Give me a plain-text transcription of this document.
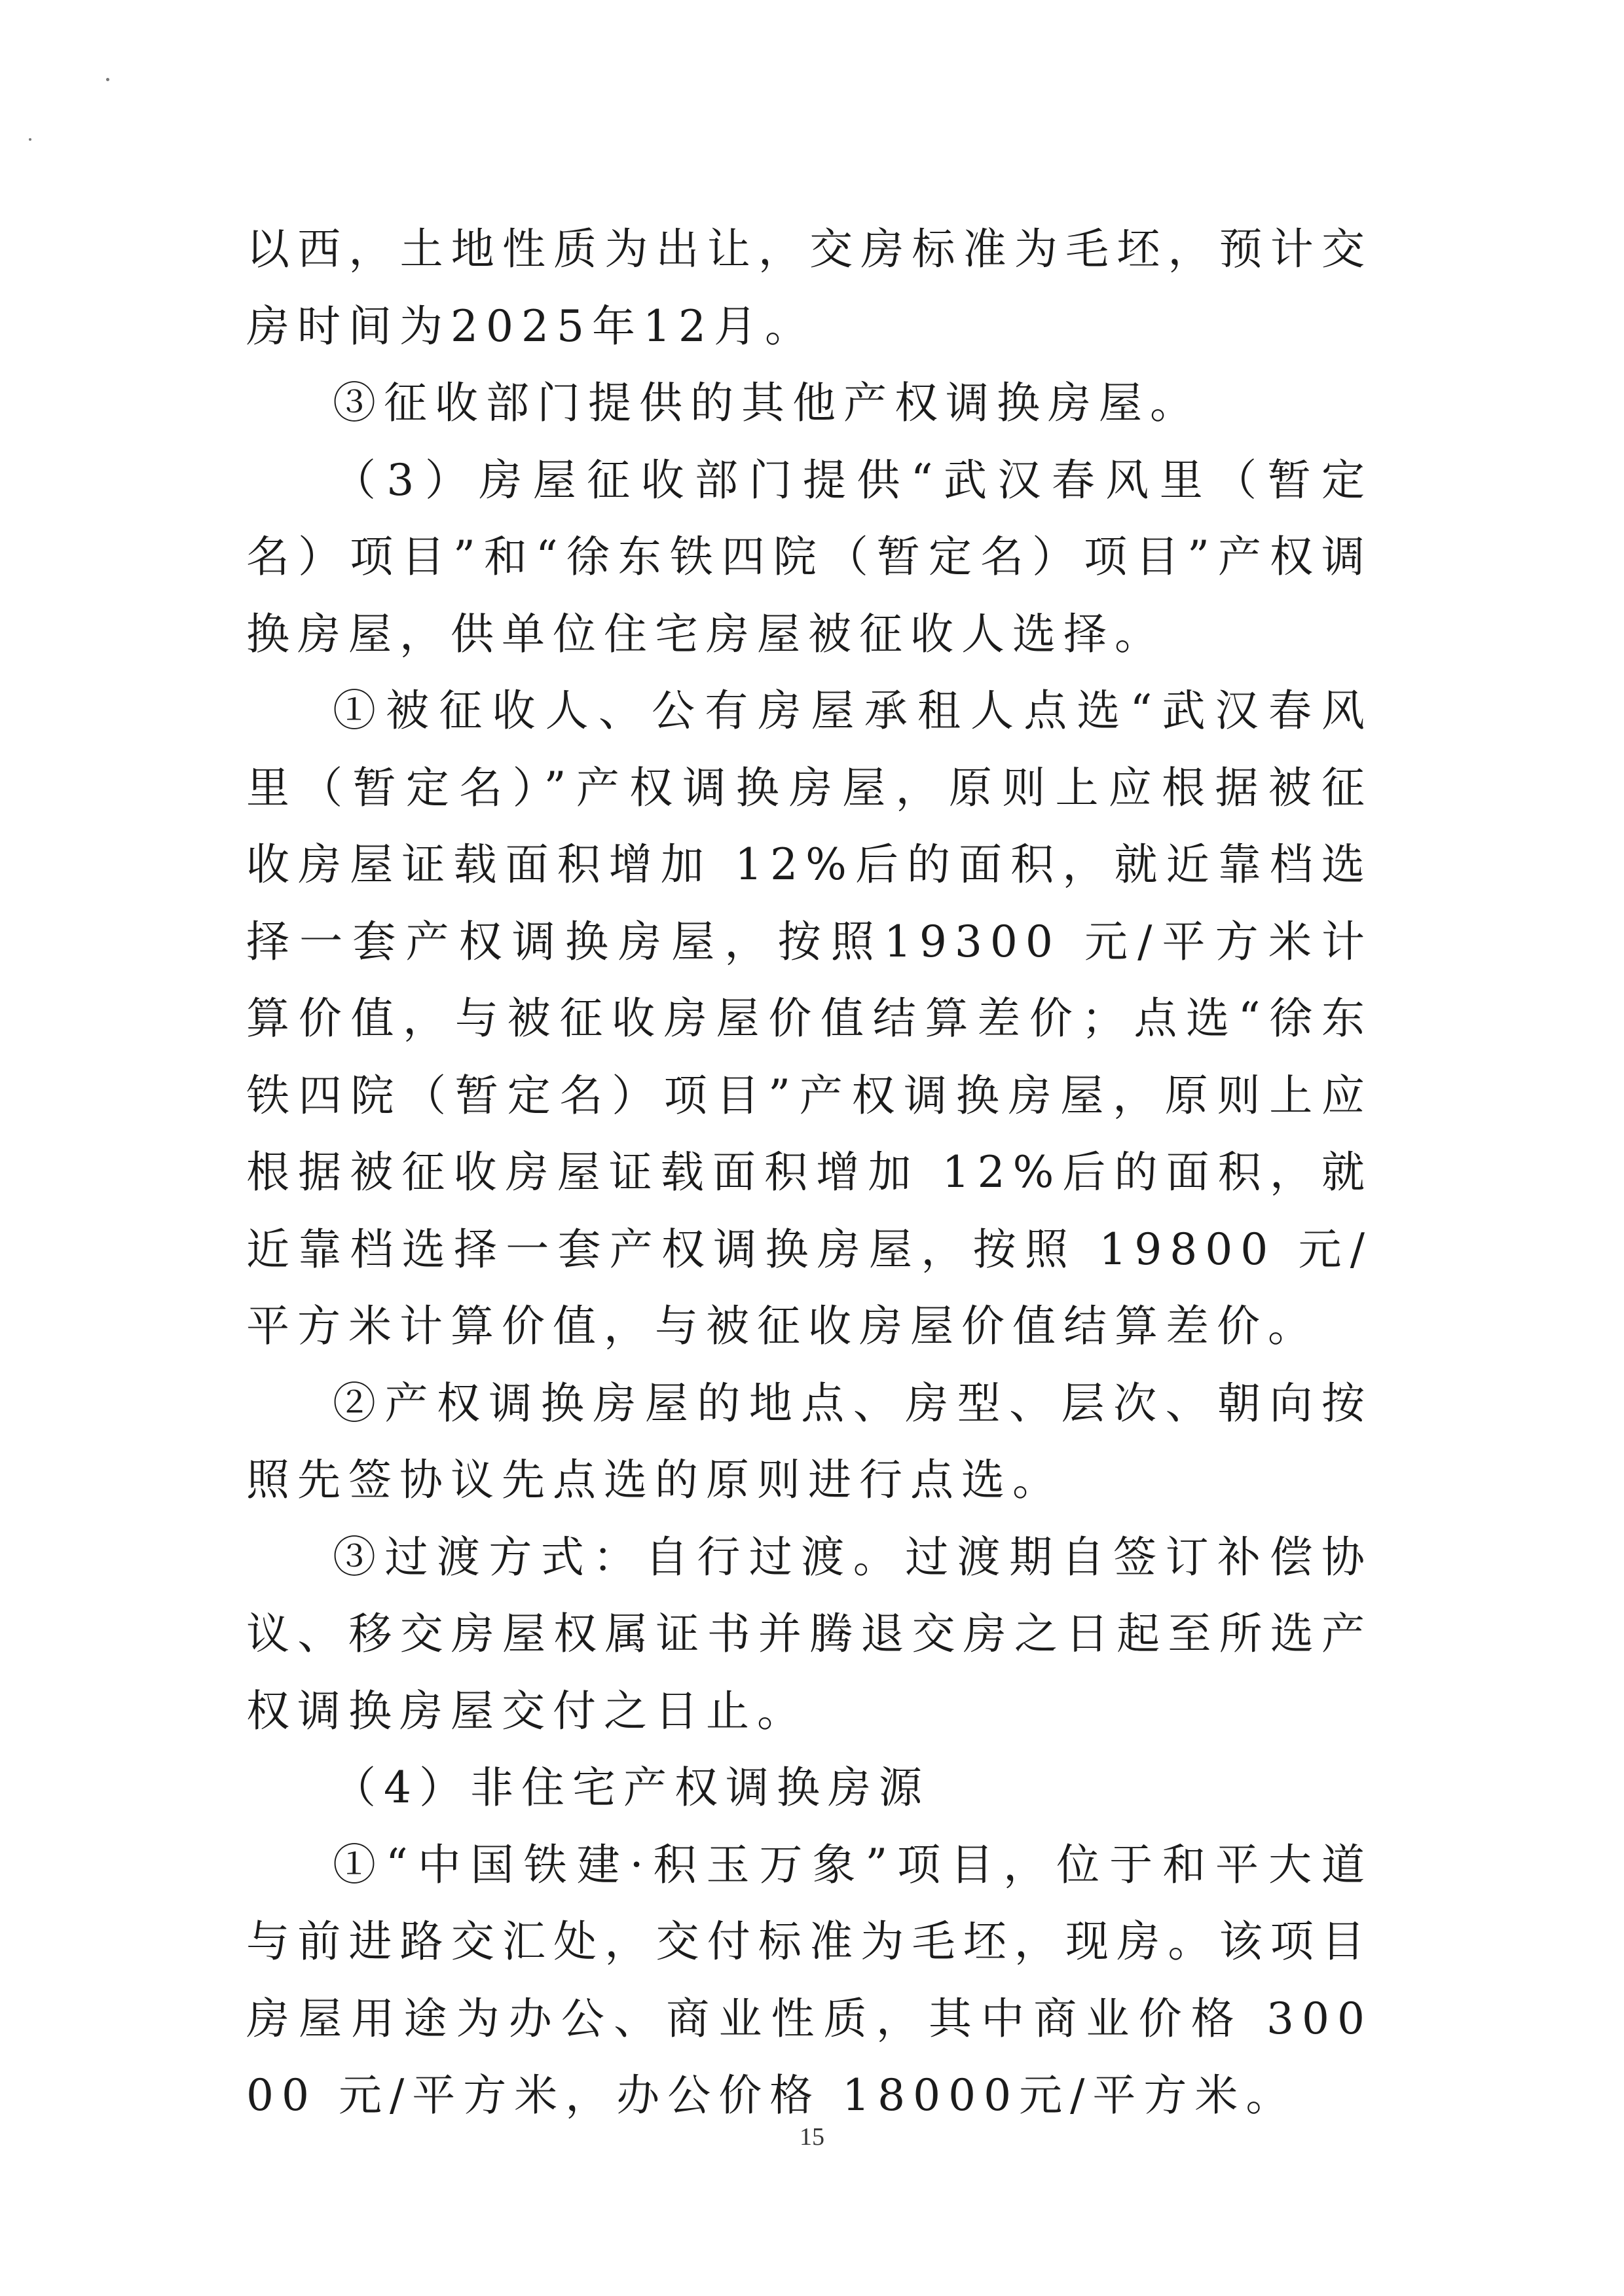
以西，土地性质为出让，交房标准为毛坯，预计交房时间为2025年12月。

③征收部门提供的其他产权调换房屋。

（3）房屋征收部门提供“武汉春风里（暂定名）项目”和“徐东铁四院（暂定名）项目”产权调换房屋，供单位住宅房屋被征收人选择。

①被征收人、公有房屋承租人点选“武汉春风里（暂定名）”产权调换房屋，原则上应根据被征收房屋证载面积增加 12%后的面积，就近靠档选择一套产权调换房屋，按照19300 元/平方米计算价值，与被征收房屋价值结算差价；点选“徐东铁四院（暂定名）项目”产权调换房屋，原则上应根据被征收房屋证载面积增加 12%后的面积，就近靠档选择一套产权调换房屋，按照 19800 元/平方米计算价值，与被征收房屋价值结算差价。

②产权调换房屋的地点、房型、层次、朝向按照先签协议先点选的原则进行点选。

③过渡方式：自行过渡。过渡期自签订补偿协议、移交房屋权属证书并腾退交房之日起至所选产权调换房屋交付之日止。

（4）非住宅产权调换房源

①“中国铁建·积玉万象”项目，位于和平大道与前进路交汇处，交付标准为毛坯，现房。该项目房屋用途为办公、商业性质，其中商业价格 30000 元/平方米，办公价格 18000元/平方米。

15
